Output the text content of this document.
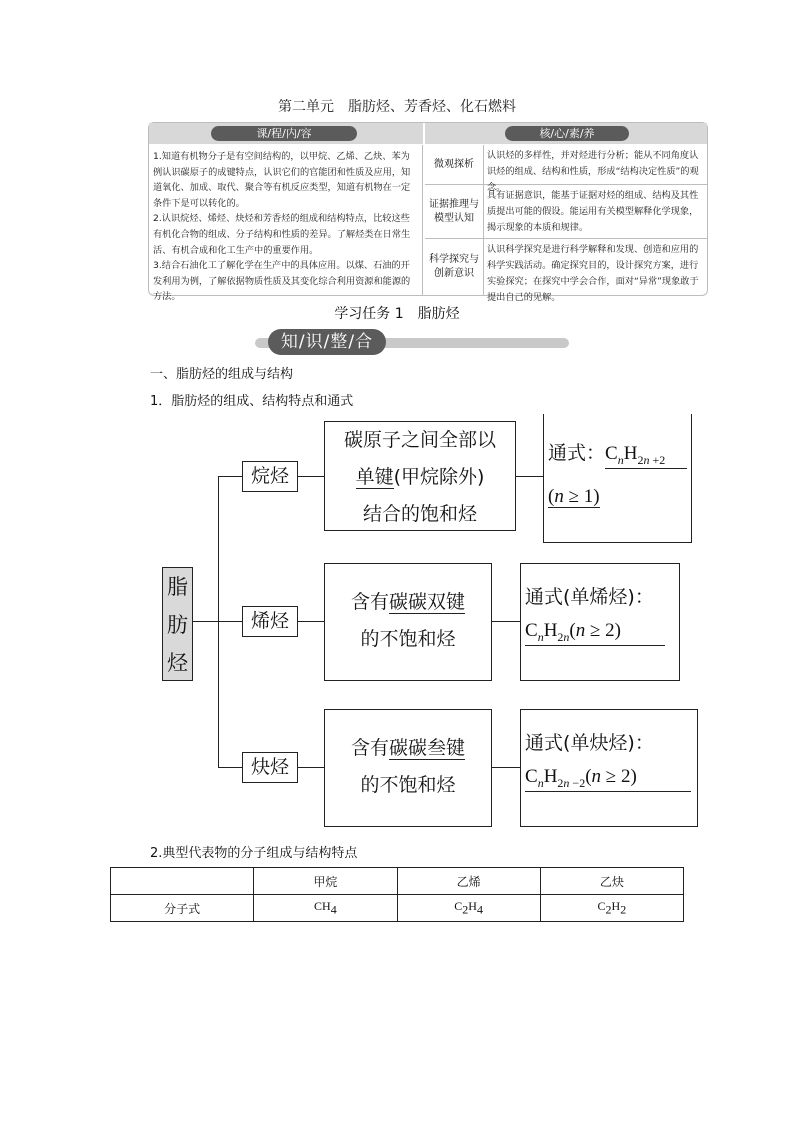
第二单元　脂肪烃、芳香烃、化石燃料
课/程/内/容	核/心/素/养

1.知道有机物分子是有空间结构的，以甲烷、乙烯、乙炔、苯为例认识碳原子的成键特点，认识它们的官能团和性质及应用，知道氧化、加成、取代、聚合等有机反应类型，知道有机物在一定条件下是可以转化的。

2.认识烷烃、烯烃、炔烃和芳香烃的组成和结构特点，比较这些有机化合物的组成、分子结构和性质的差异。了解烃类在日常生活、有机合成和化工生产中的重要作用。

3.结合石油化工了解化学在生产中的具体应用。以煤、石油的开发利用为例，了解依据物质性质及其变化综合利用资源和能源的方法。

微观探析
认识烃的多样性，并对烃进行分析；能从不同角度认识烃的组成、结构和性质，形成“结构决定性质”的观念。
证据推理与模型认知
具有证据意识，能基于证据对烃的组成、结构及其性质提出可能的假设。能运用有关模型解释化学现象，揭示现象的本质和规律。
科学探究与创新意识
认识科学探究是进行科学解释和发现、创造和应用的科学实践活动。确定探究目的，设计探究方案，进行实验探究；在探究中学会合作，面对“异常”现象敢于提出自己的见解。
学习任务 1　脂肪烃
知/识/整/合
一、脂肪烃的组成与结构
1．脂肪烃的组成、结构特点和通式
脂
肪
烃
烷烃
碳原子之间全部以
单键(甲烷除外)
结合的饱和烃
通式：$C_nH_{2n +2}$
(n ≥ 1)
烯烃
含有碳碳双键
的不饱和烃
通式(单烯烃)：
$C_nH_{2n}(n \ge 2)$
炔烃
含有碳碳叁键
的不饱和烃
通式(单炔烃)：
$C_nH_{2n -2}(n \ge 2)$
2.典型代表物的分子组成与结构特点
	甲烷	乙烯	乙炔
分子式	$CH_4$	$C_2H_4$	$C_2H_2$
